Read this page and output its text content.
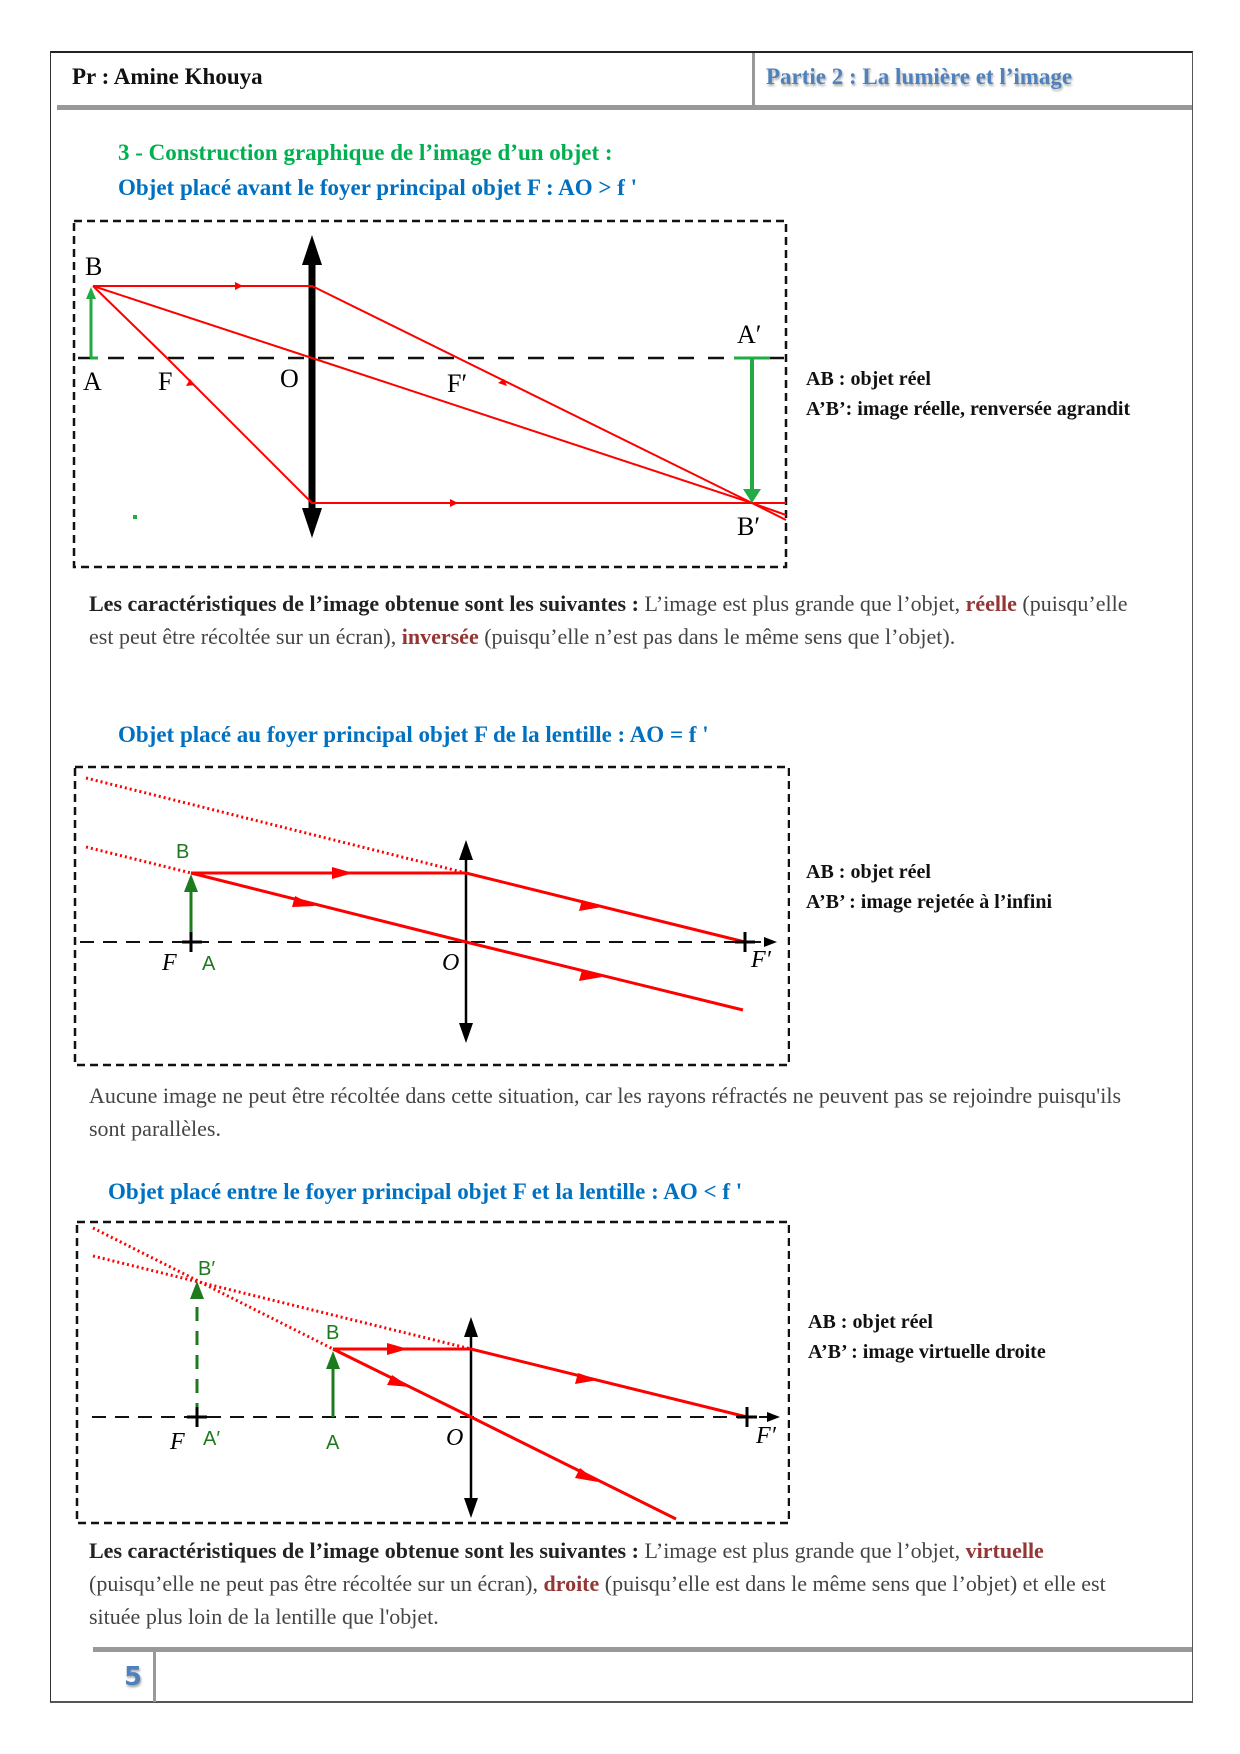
Pr : Amine Khouya	Partie 2 : La lumière et l’image
3 - Construction graphique de l’image d’un objet :
Objet placé avant le foyer principal objet F : AO > f '
B
A F	O	F′
A′
B′
AB : objet réel
A’B’: image réelle, renversée agrandit
Les caractéristiques de l’image obtenue sont les suivantes : L’image est plus grande que l’objet, réelle (puisqu’elle est peut être récoltée sur un écran), inversée (puisqu’elle n’est pas dans le même sens que l’objet).
Objet placé au foyer principal objet F de la lentille : AO = f '
B
A
F	O	F′
AB : objet réel
A’B’ : image rejetée à l’infini
Aucune image ne peut être récoltée dans cette situation, car les rayons réfractés ne peuvent pas se rejoindre puisqu'ils sont parallèles.
Objet placé entre le foyer principal objet F et la lentille : AO < f '
B′
B
A
A′
F	O	F′
AB : objet réel
A’B’ : image virtuelle droite
Les caractéristiques de l’image obtenue sont les suivantes : L’image est plus grande que l’objet, virtuelle (puisqu’elle ne peut pas être récoltée sur un écran), droite (puisqu’elle est dans le même sens que l’objet) et elle est située plus loin de la lentille que l'objet.
5
